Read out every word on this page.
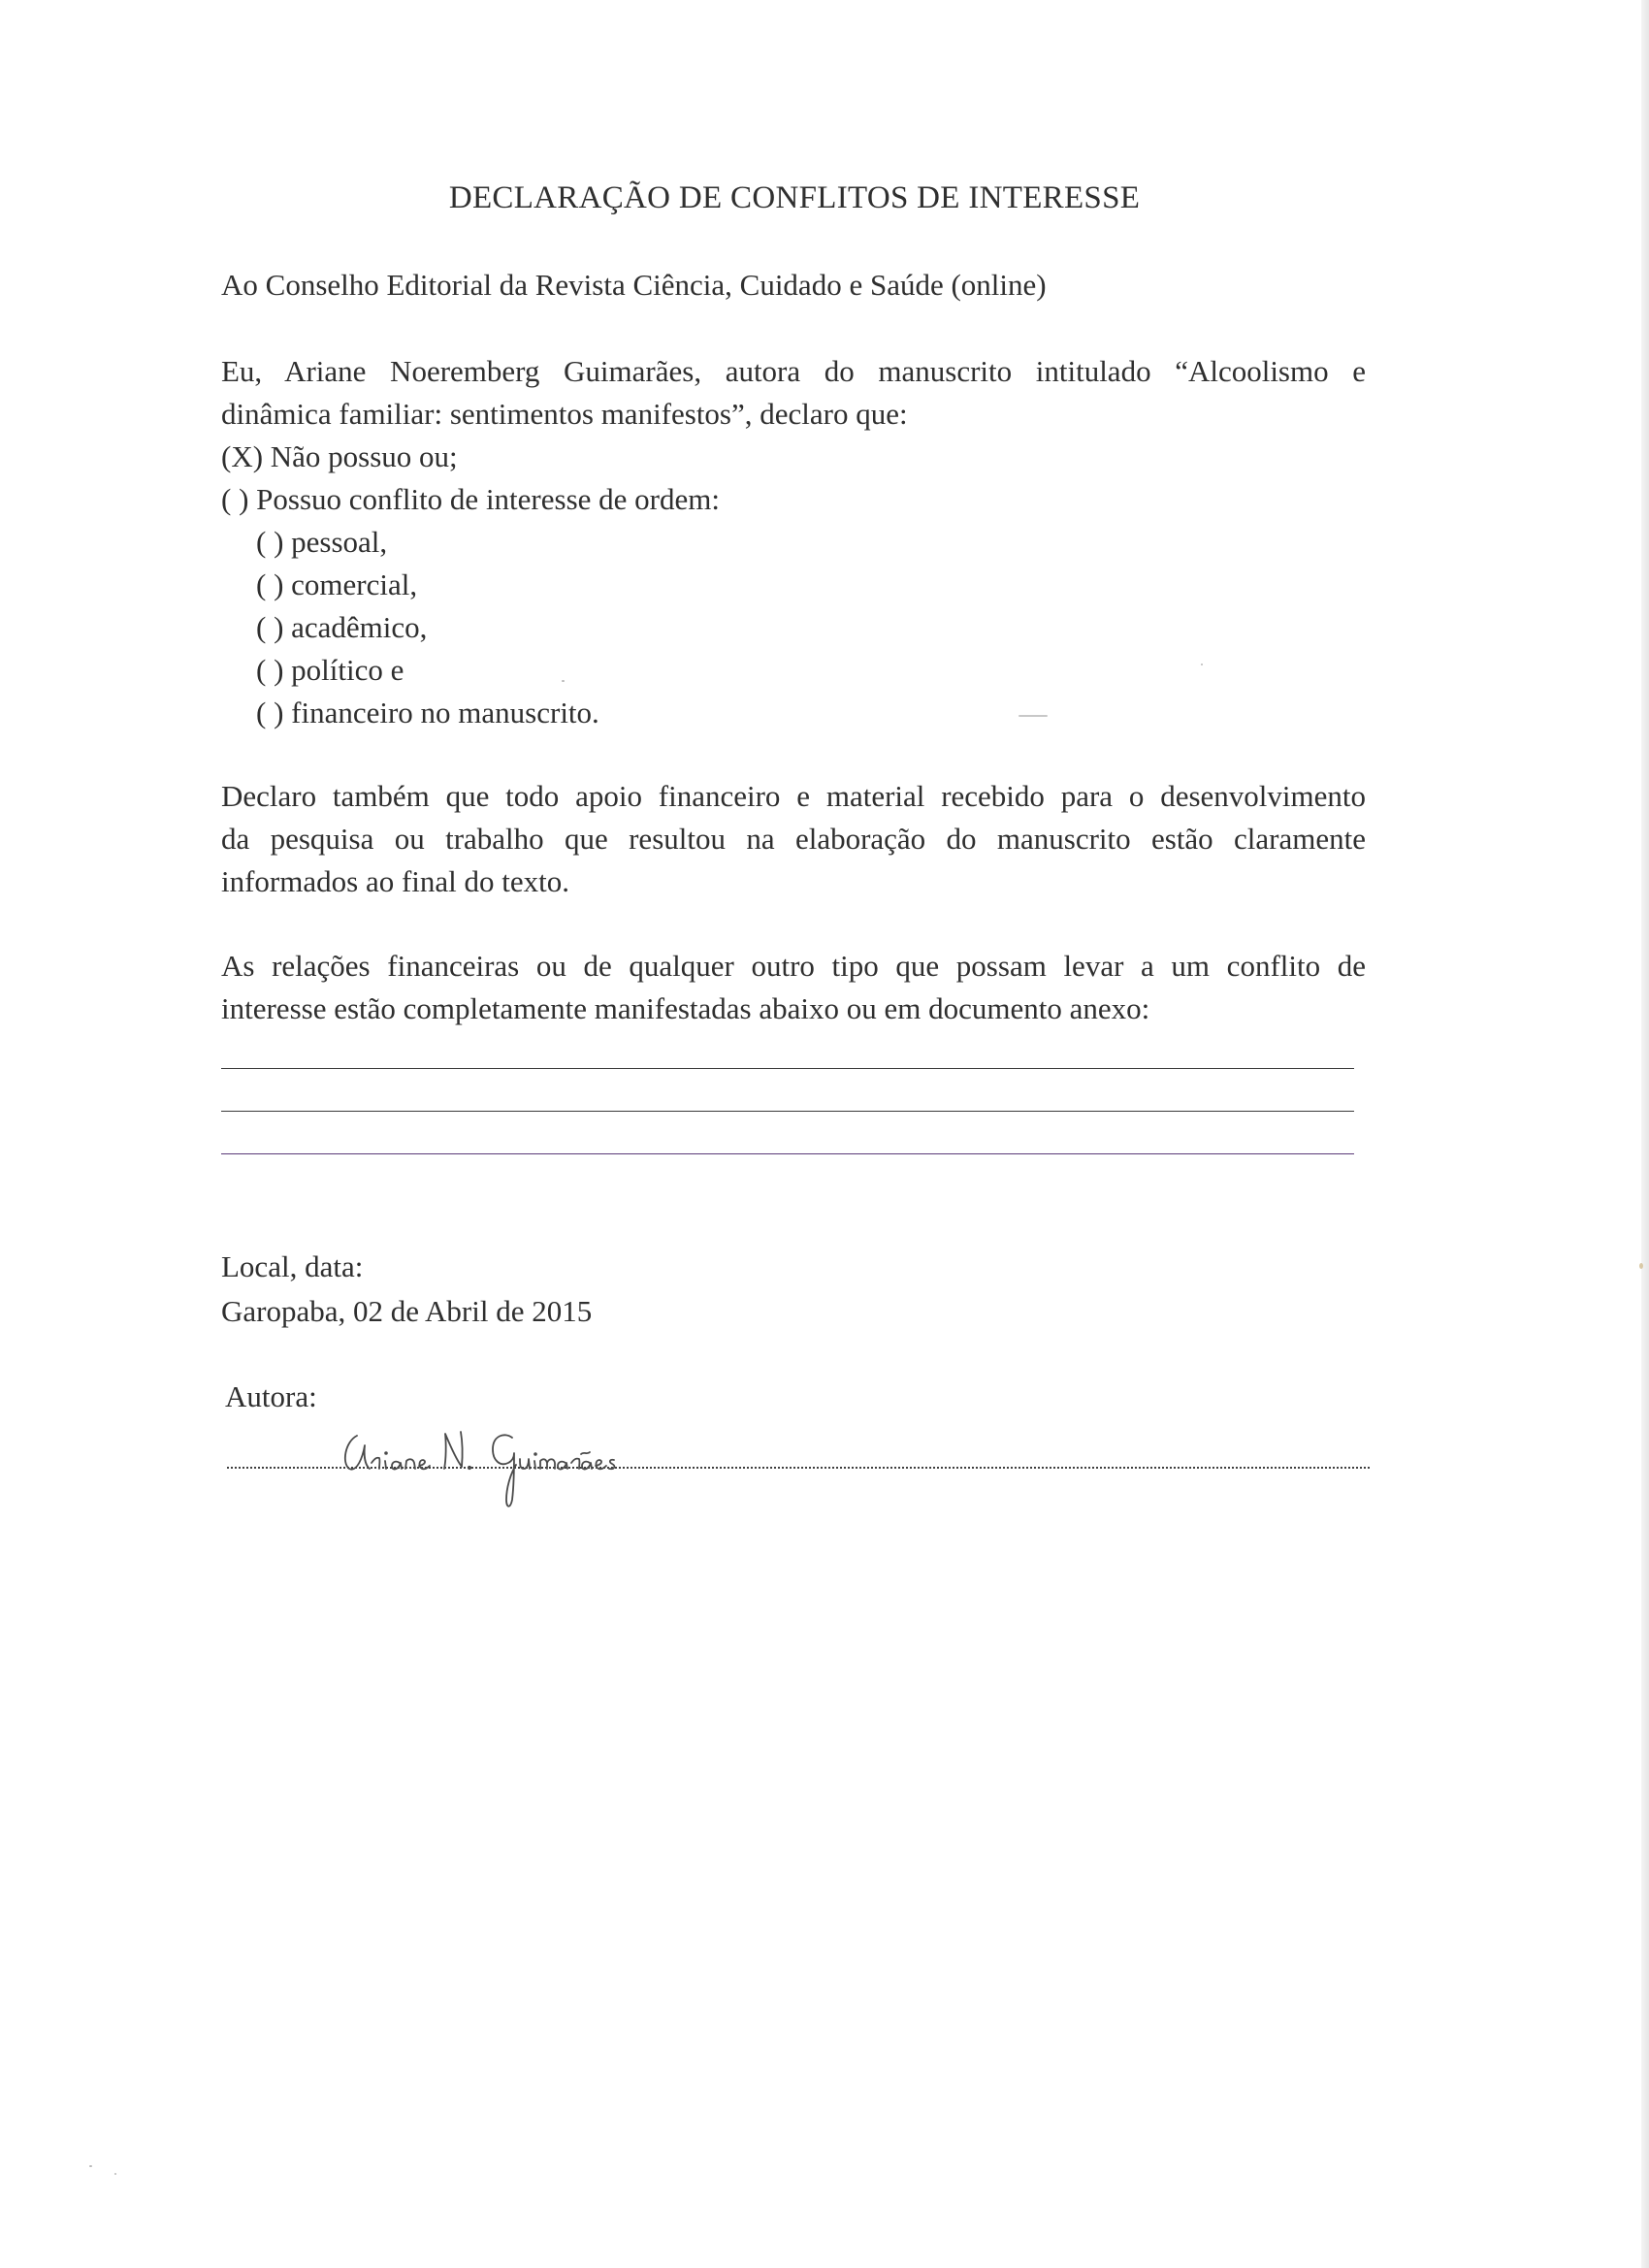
DECLARAÇÃO DE CONFLITOS DE INTERESSE
Ao Conselho Editorial da Revista Ciência, Cuidado e Saúde (online)
Eu, Ariane Noeremberg Guimarães, autora do manuscrito intitulado “Alcoolismo e
dinâmica familiar: sentimentos manifestos”, declaro que:
(X) Não possuo ou;
( ) Possuo conflito de interesse de ordem:
( ) pessoal,
( ) comercial,
( ) acadêmico,
( ) político e
( ) financeiro no manuscrito.
Declaro também que todo apoio financeiro e material recebido para o desenvolvimento
da pesquisa ou trabalho que resultou na elaboração do manuscrito estão claramente
informados ao final do texto.
As relações financeiras ou de qualquer outro tipo que possam levar a um conflito de
interesse estão completamente manifestadas abaixo ou em documento anexo:
Local, data:
Garopaba, 02 de Abril de 2015
Autora:
